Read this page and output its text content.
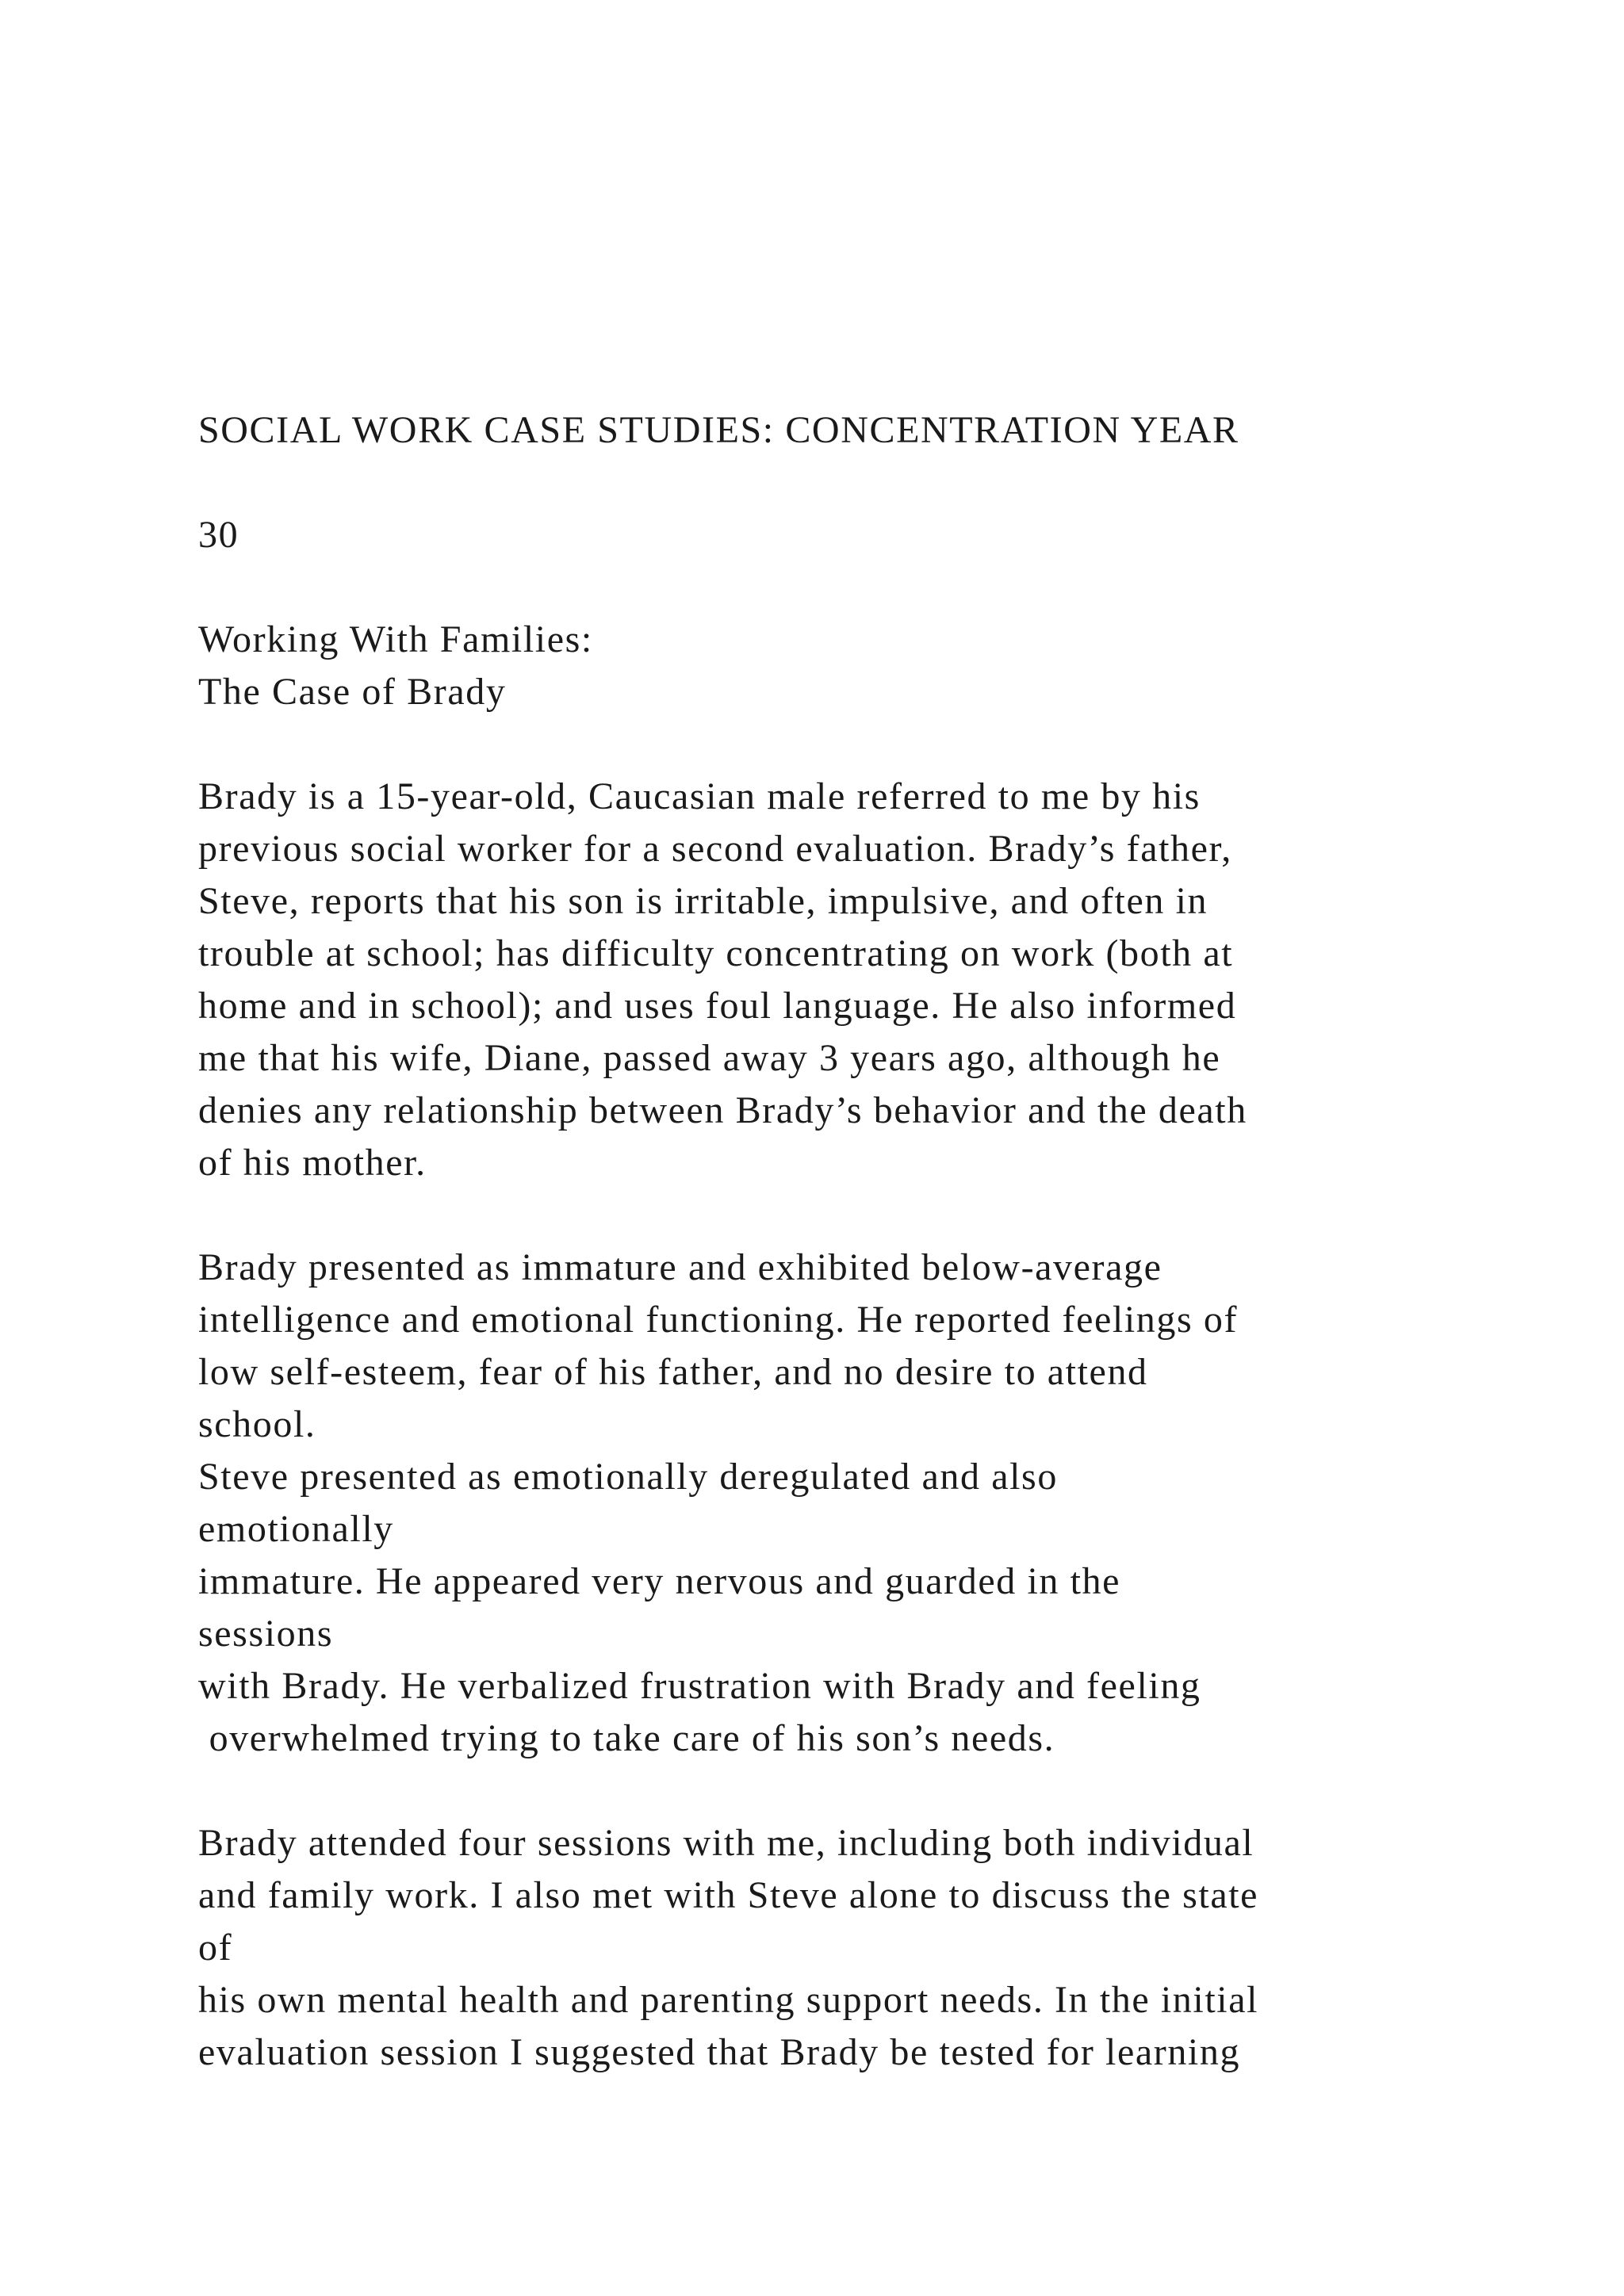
SOCIAL WORK CASE STUDIES: CONCENTRATION YEAR
30
Working With Families:
The Case of Brady
Brady is a 15-year-old, Caucasian male referred to me by his
previous social worker for a second evaluation. Brady’s father,
Steve, reports that his son is irritable, impulsive, and often in
trouble at school; has difficulty concentrating on work (both at
home and in school); and uses foul language. He also informed
me that his wife, Diane, passed away 3 years ago, although he
denies any relationship between Brady’s behavior and the death
of his mother.
Brady presented as immature and exhibited below-average
intelligence and emotional functioning. He reported feelings of
low self-esteem, fear of his father, and no desire to attend
school.
Steve presented as emotionally deregulated and also
emotionally
immature. He appeared very nervous and guarded in the
sessions
with Brady. He verbalized frustration with Brady and feeling
overwhelmed trying to take care of his son’s needs.
Brady attended four sessions with me, including both individual
and family work. I also met with Steve alone to discuss the state
of
his own mental health and parenting support needs. In the initial
evaluation session I suggested that Brady be tested for learning
